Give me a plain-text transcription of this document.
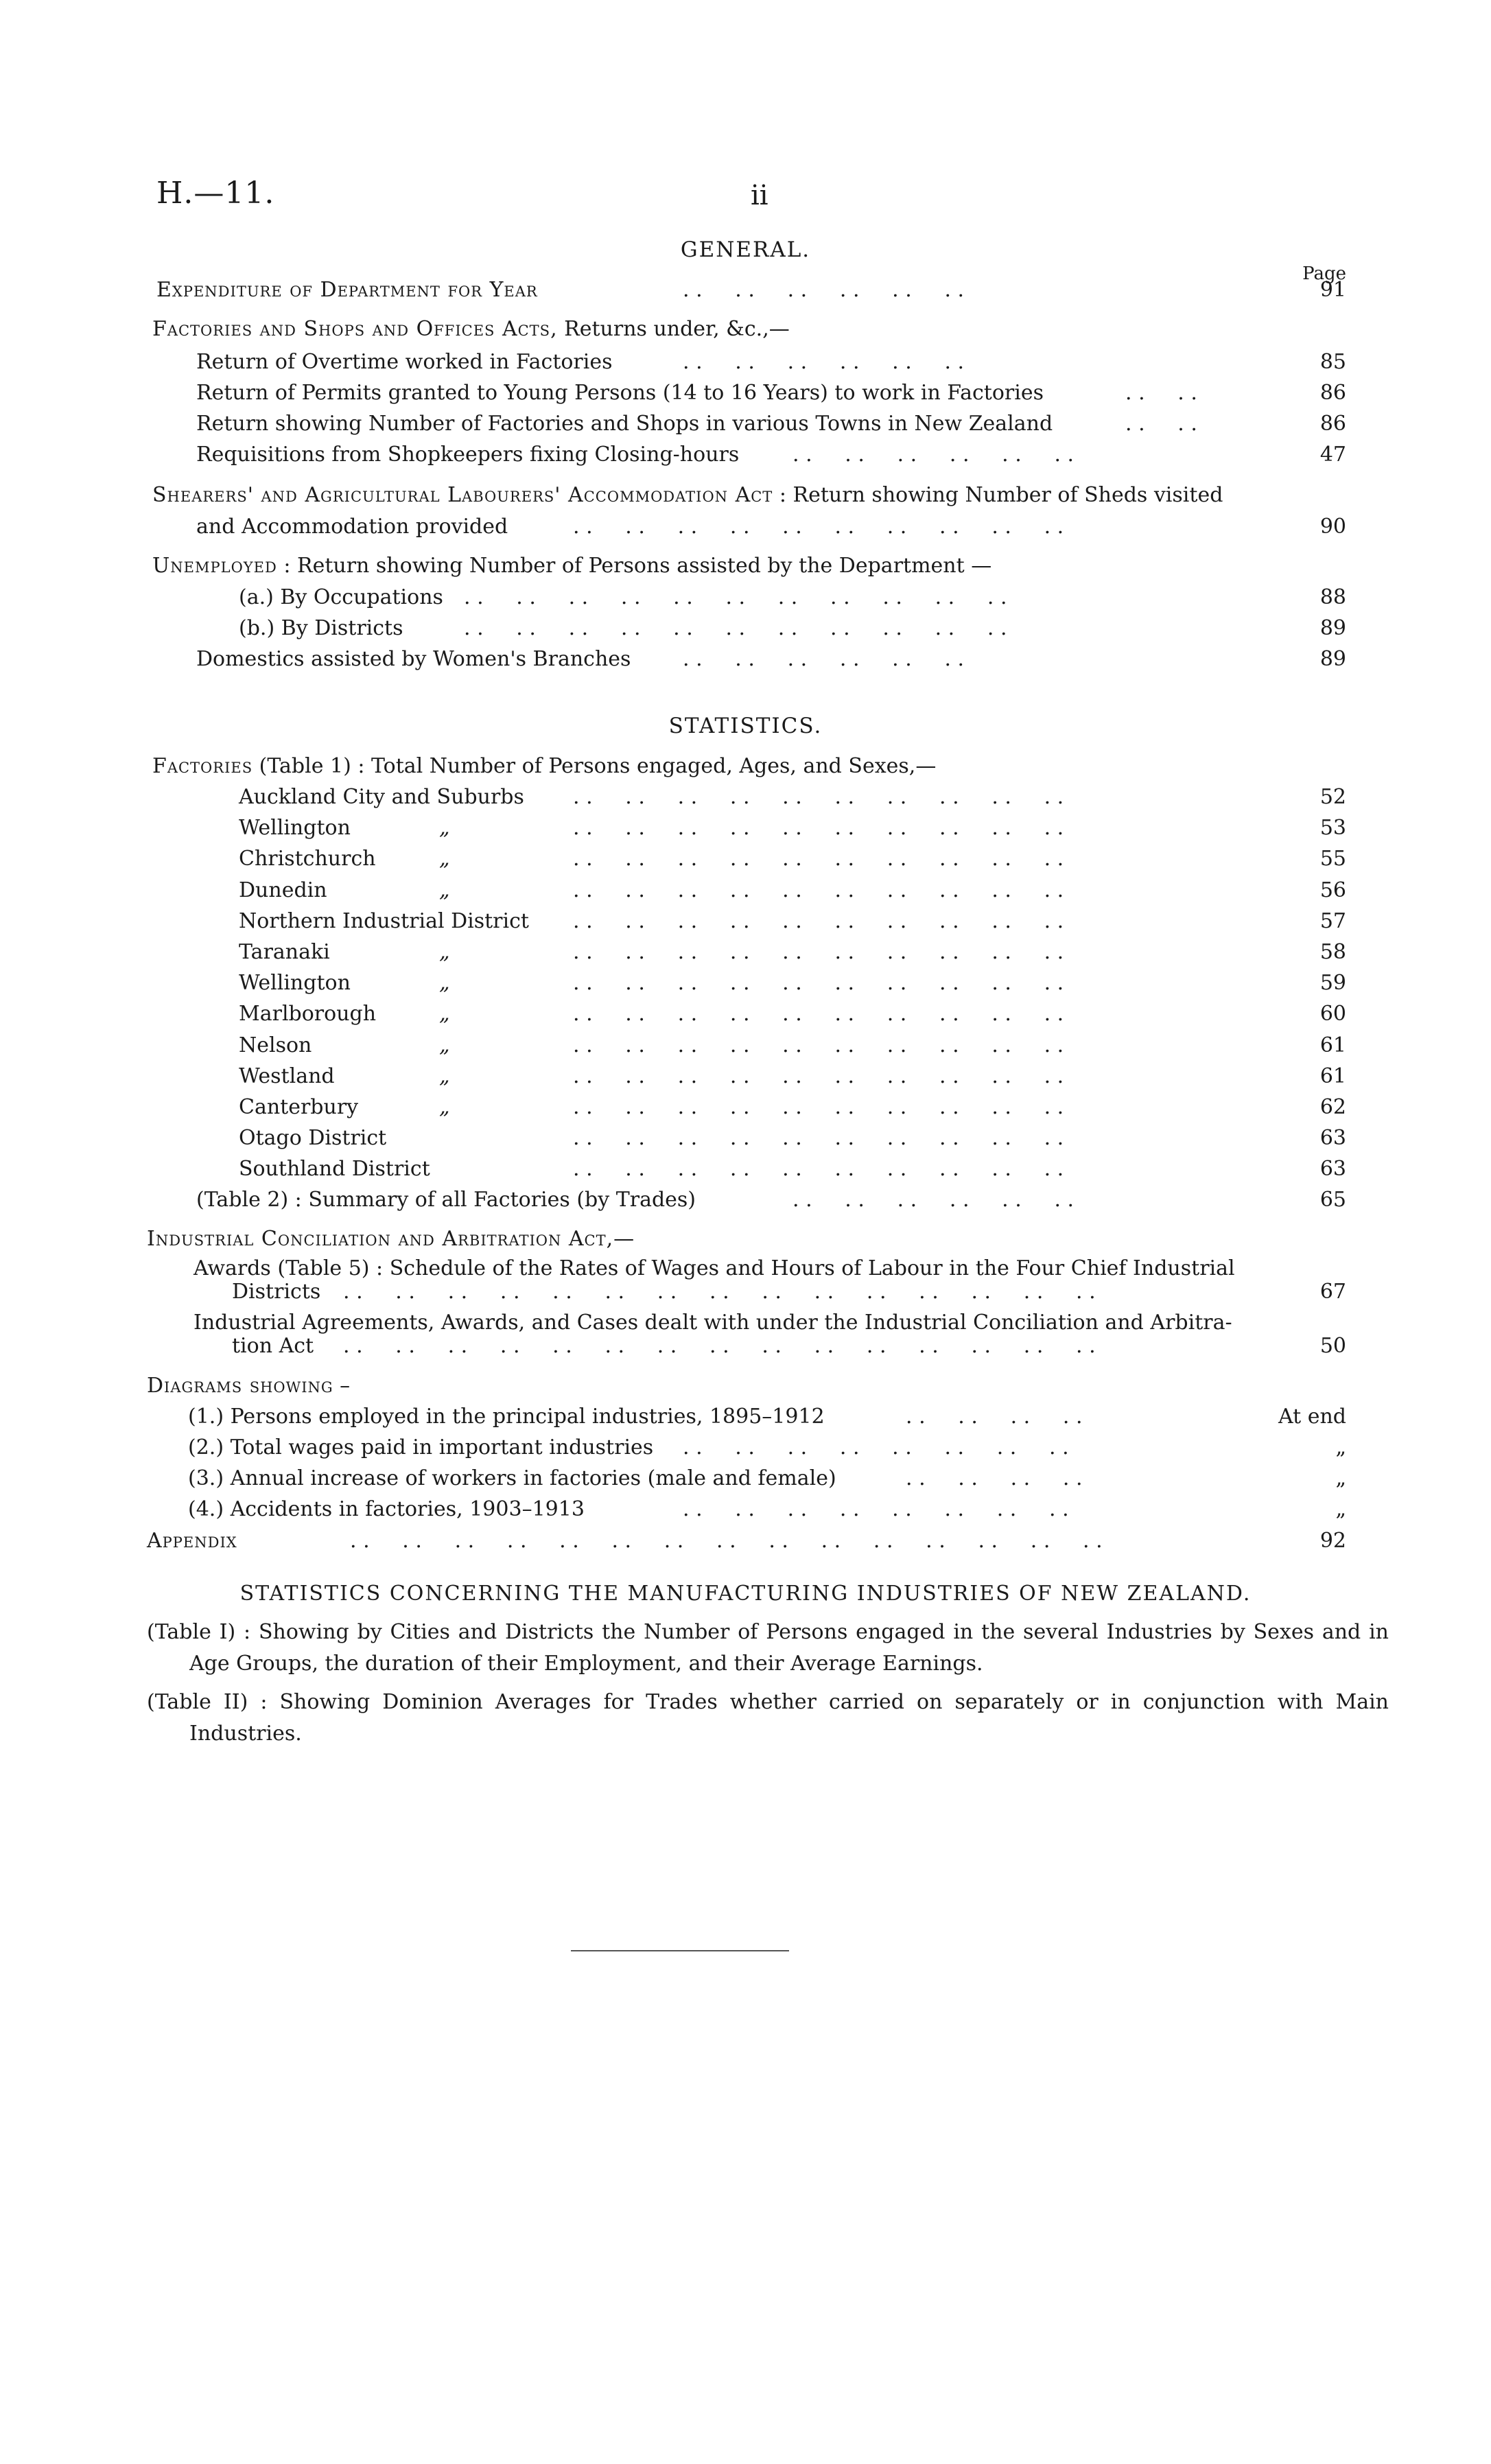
H.—11.	ii
GENERAL.
Page
Expenditure of Department for Year	. .     . .     . .     . .     . .     . .	91
Factories and Shops and Offices Acts, Returns under, &c.,—
Return of Overtime worked in Factories	. .     . .     . .     . .     . .     . .	85
Return of Permits granted to Young Persons (14 to 16 Years) to work in Factories	. .     . .	86
Return showing Number of Factories and Shops in various Towns in New Zealand	. .     . .	86
Requisitions from Shopkeepers fixing Closing-hours	. .     . .     . .     . .     . .     . .	47
Shearers' and Agricultural Labourers' Accommodation Act : Return showing Number of Sheds visited
and Accommodation provided	. .     . .     . .     . .     . .     . .     . .     . .     . .     . .	90
Unemployed : Return showing Number of Persons assisted by the Department —
(a.) By Occupations . .     . .     . .     . .     . .     . .     . .     . .     . .     . .     . .	88
(b.) By Districts	. .     . .     . .     . .     . .     . .     . .     . .     . .     . .     . .	89
Domestics assisted by Women's Branches	. .     . .     . .     . .     . .     . .	89
STATISTICS.
Factories (Table 1) : Total Number of Persons engaged, Ages, and Sexes,—
Auckland City and Suburbs . .     . .     . .     . .     . .     . .     . .     . .     . .     . .	52
Wellington	„	. .     . .     . .     . .     . .     . .     . .     . .     . .     . .	53
Christchurch	„	. .     . .     . .     . .     . .     . .     . .     . .     . .     . .	55
Dunedin	„	. .     . .     . .     . .     . .     . .     . .     . .     . .     . .	56
Northern Industrial District . .     . .     . .     . .     . .     . .     . .     . .     . .     . .	57
Taranaki	„	. .     . .     . .     . .     . .     . .     . .     . .     . .     . .	58
Wellington	„	. .     . .     . .     . .     . .     . .     . .     . .     . .     . .	59
Marlborough	„	. .     . .     . .     . .     . .     . .     . .     . .     . .     . .	60
Nelson	„	. .     . .     . .     . .     . .     . .     . .     . .     . .     . .	61
Westland	„	. .     . .     . .     . .     . .     . .     . .     . .     . .     . .	61
Canterbury	„	. .     . .     . .     . .     . .     . .     . .     . .     . .     . .	62
Otago District	. .     . .     . .     . .     . .     . .     . .     . .     . .     . .	63
Southland District	. .     . .     . .     . .     . .     . .     . .     . .     . .     . .	63
(Table 2) : Summary of all Factories (by Trades)	. .     . .     . .     . .     . .     . .	65
Industrial Conciliation and Arbitration Act,—
Awards (Table 5) : Schedule of the Rates of Wages and Hours of Labour in the Four Chief Industrial
Districts . .     . .     . .     . .     . .     . .     . .     . .     . .     . .     . .     . .     . .     . .     . .	67
Industrial Agreements, Awards, and Cases dealt with under the Industrial Conciliation and Arbitra-
tion Act . .     . .     . .     . .     . .     . .     . .     . .     . .     . .     . .     . .     . .     . .     . .	50
Diagrams showing –
(1.) Persons employed in the principal industries, 1895–1912	. .     . .     . .     . .	At end
(2.) Total wages paid in important industries . .     . .     . .     . .     . .     . .     . .     . .	„
(3.) Annual increase of workers in factories (male and female)	. .     . .     . .     . .	„
(4.) Accidents in factories, 1903–1913	. .     . .     . .     . .     . .     . .     . .     . .	„
Appendix	. .     . .     . .     . .     . .     . .     . .     . .     . .     . .     . .     . .     . .     . .     . .	92
STATISTICS CONCERNING THE MANUFACTURING INDUSTRIES OF NEW ZEALAND.
(Table I) : Showing by Cities and Districts the Number of Persons engaged in the several Industries by Sexes and in Age Groups, the duration of their Employment, and their Average Earnings.
(Table II) : Showing Dominion Averages for Trades whether carried on separately or in conjunction with Main Industries.
